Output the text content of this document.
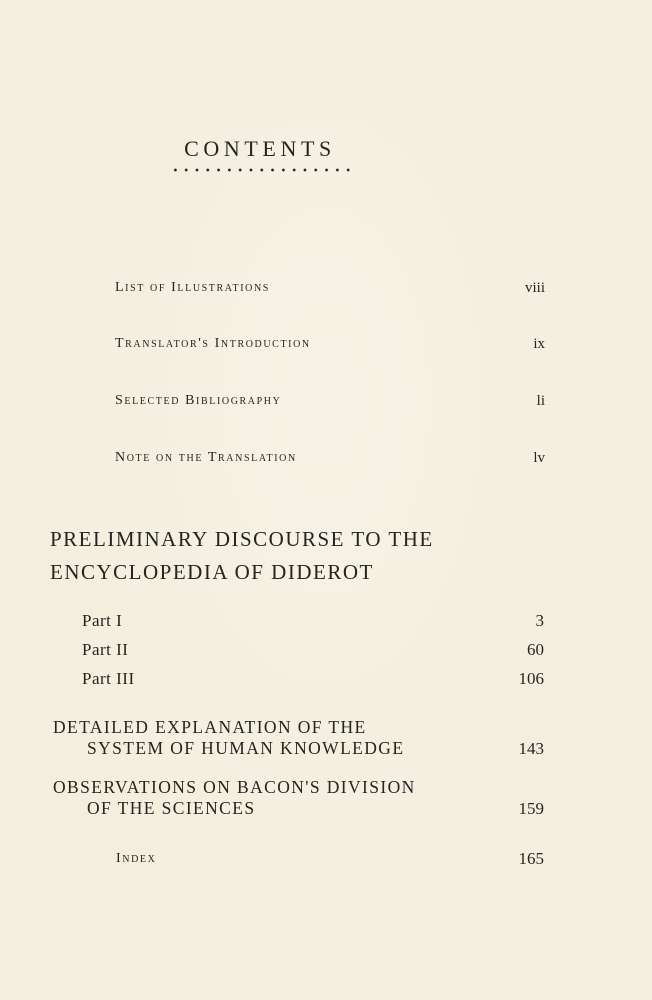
CONTENTS
List of Illustrations	viii
Translator's Introduction	ix
Selected Bibliography	li
Note on the Translation	lv
PRELIMINARY DISCOURSE TO THE
ENCYCLOPEDIA OF DIDEROT
Part I	3
Part II	60
Part III	106
DETAILED EXPLANATION OF THE
SYSTEM OF HUMAN KNOWLEDGE	143
OBSERVATIONS ON BACON'S DIVISION
OF THE SCIENCES	159
Index	165
